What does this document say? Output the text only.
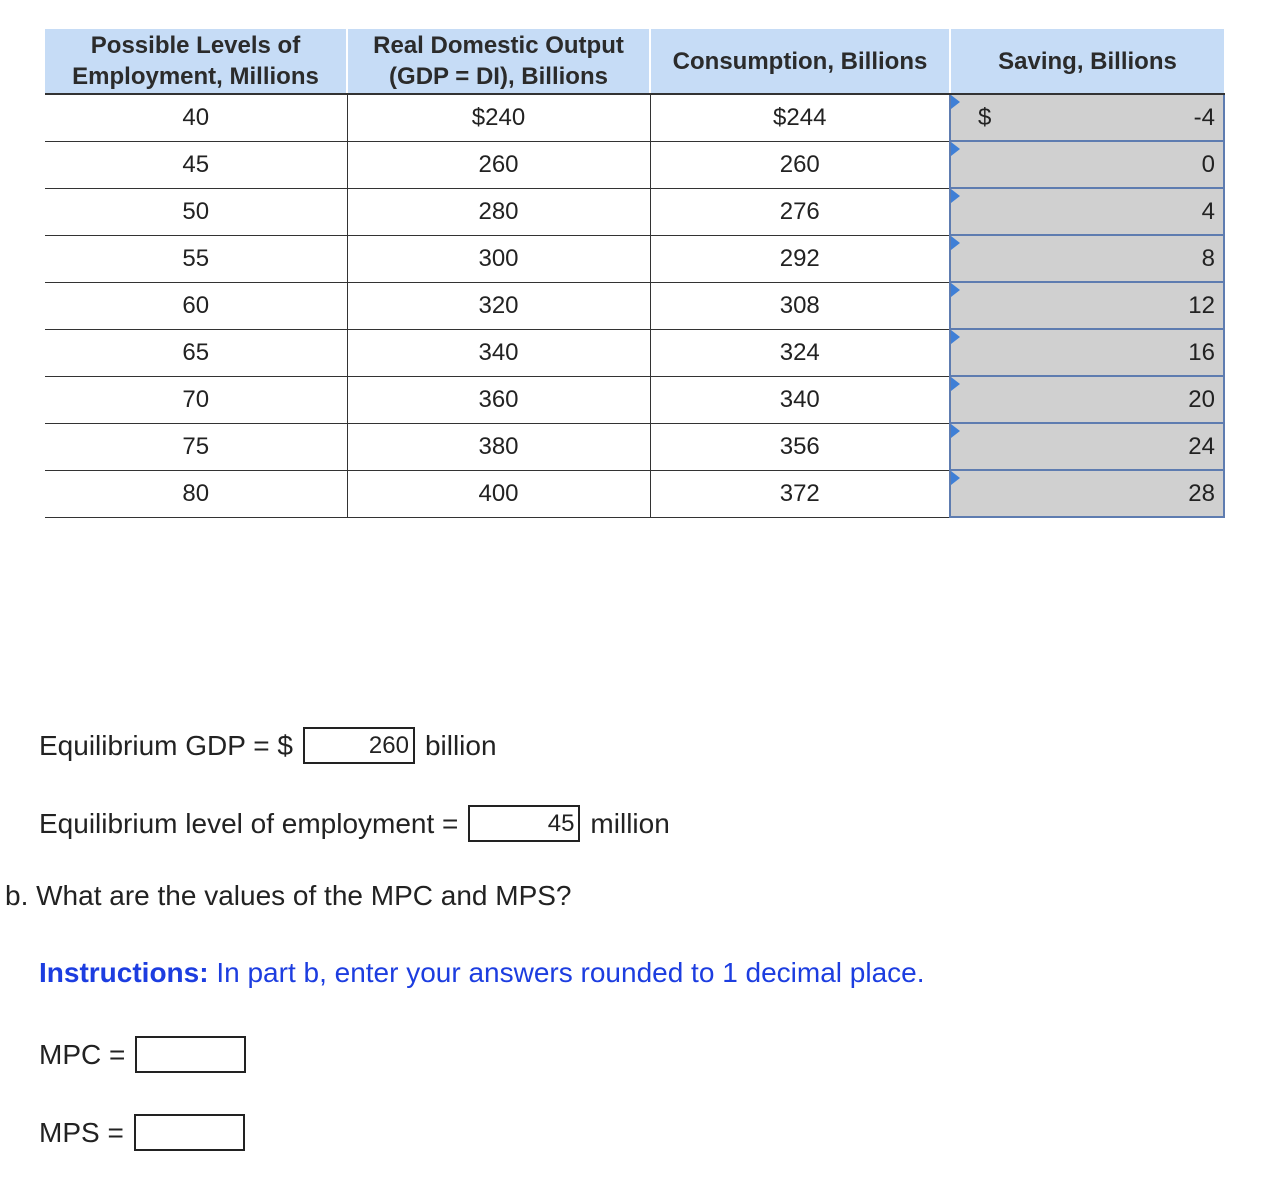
Possible Levels of
Employment, Millions	Real Domestic Output
(GDP = DI), Billions	Consumption, Billions	Saving, Billions
40	$240	$244	$ -4
45	260	260	0
50	280	276	4
55	300	292	8
60	320	308	12
65	340	324	16
70	360	340	20
75	380	356	24
80	400	372	28
Equilibrium GDP = $	260 billion
Equilibrium level of employment =	45 million
b. What are the values of the MPC and MPS?
Instructions: In part b, enter your answers rounded to 1 decimal place.
MPC =
MPS =
